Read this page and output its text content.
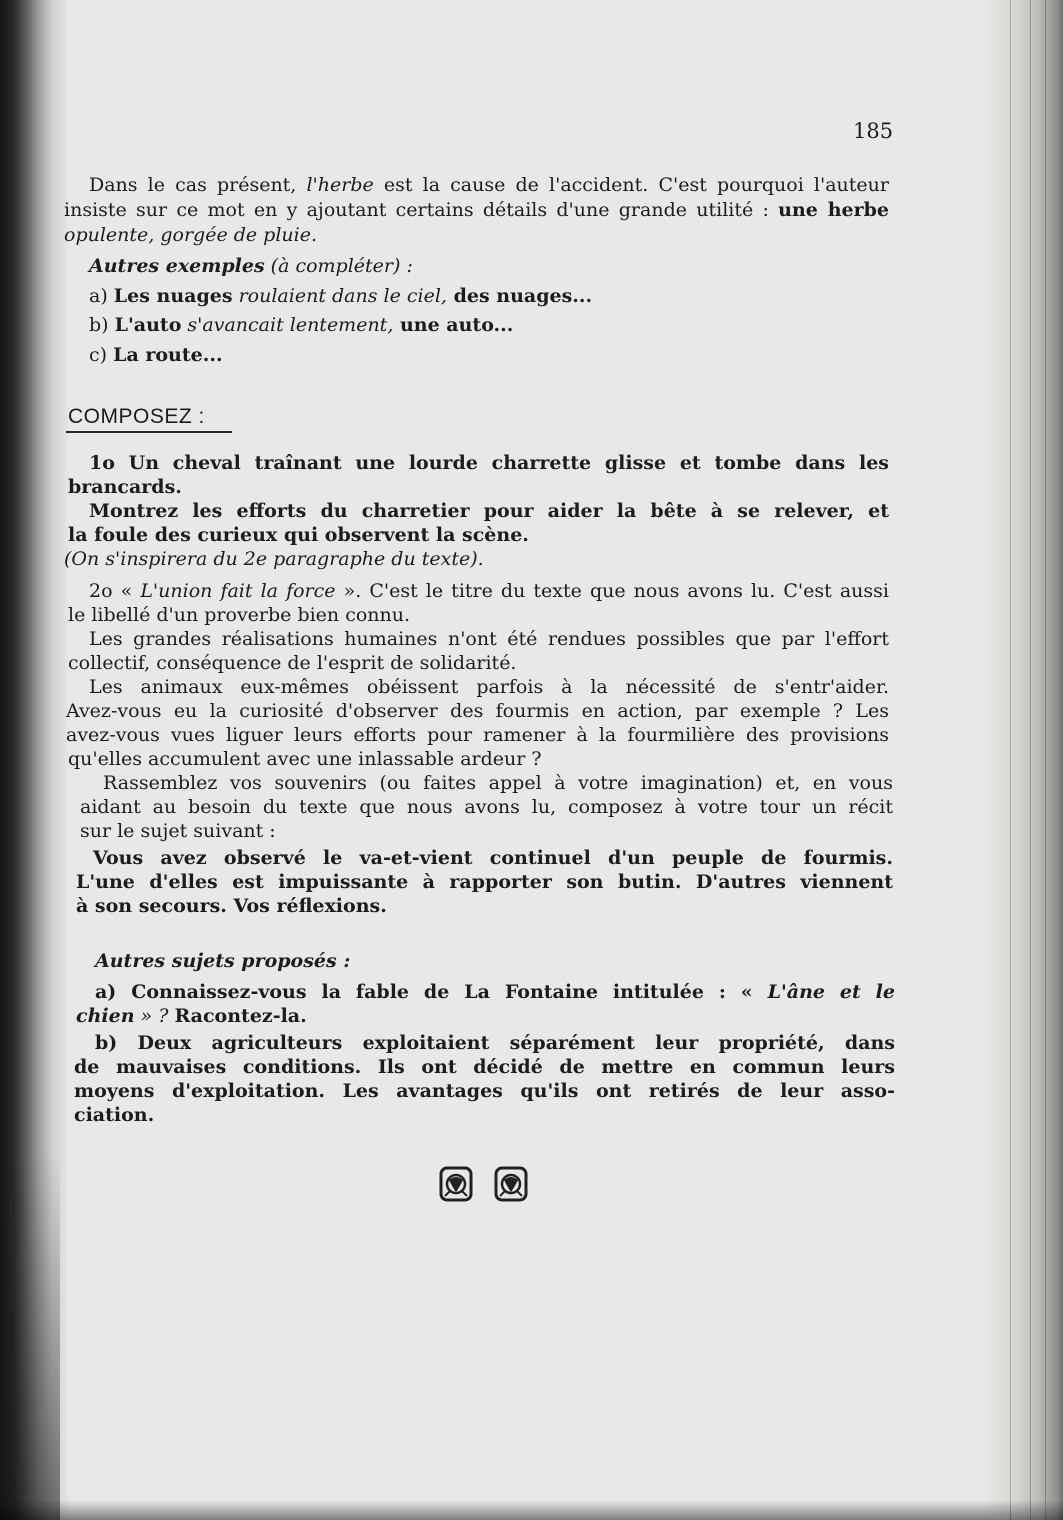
185
Dans le cas présent, l'herbe est la cause de l'accident. C'est pourquoi l'auteur
insiste sur ce mot en y ajoutant certains détails d'une grande utilité : une herbe
opulente, gorgée de pluie.
Autres exemples (à compléter) :
a) Les nuages roulaient dans le ciel, des nuages...
b) L'auto s'avancait lentement, une auto...
c) La route...
COMPOSEZ :
1o Un cheval traînant une lourde charrette glisse et tombe dans les
brancards.
Montrez les efforts du charretier pour aider la bête à se relever, et
la foule des curieux qui observent la scène.
(On s'inspirera du 2e paragraphe du texte).
2o « L'union fait la force ». C'est le titre du texte que nous avons lu. C'est aussi
le libellé d'un proverbe bien connu.
Les grandes réalisations humaines n'ont été rendues possibles que par l'effort
collectif, conséquence de l'esprit de solidarité.
Les animaux eux-mêmes obéissent parfois à la nécessité de s'entr'aider.
Avez-vous eu la curiosité d'observer des fourmis en action, par exemple ? Les
avez-vous vues liguer leurs efforts pour ramener à la fourmilière des provisions
qu'elles accumulent avec une inlassable ardeur ?
Rassemblez vos souvenirs (ou faites appel à votre imagination) et, en vous
aidant au besoin du texte que nous avons lu, composez à votre tour un récit
sur le sujet suivant :
Vous avez observé le va-et-vient continuel d'un peuple de fourmis.
L'une d'elles est impuissante à rapporter son butin. D'autres viennent
à son secours. Vos réflexions.
Autres sujets proposés :
a) Connaissez-vous la fable de La Fontaine intitulée : « L'âne et le
chien » ? Racontez-la.
b) Deux agriculteurs exploitaient séparément leur propriété, dans
de mauvaises conditions. Ils ont décidé de mettre en commun leurs
moyens d'exploitation. Les avantages qu'ils ont retirés de leur asso-
ciation.
